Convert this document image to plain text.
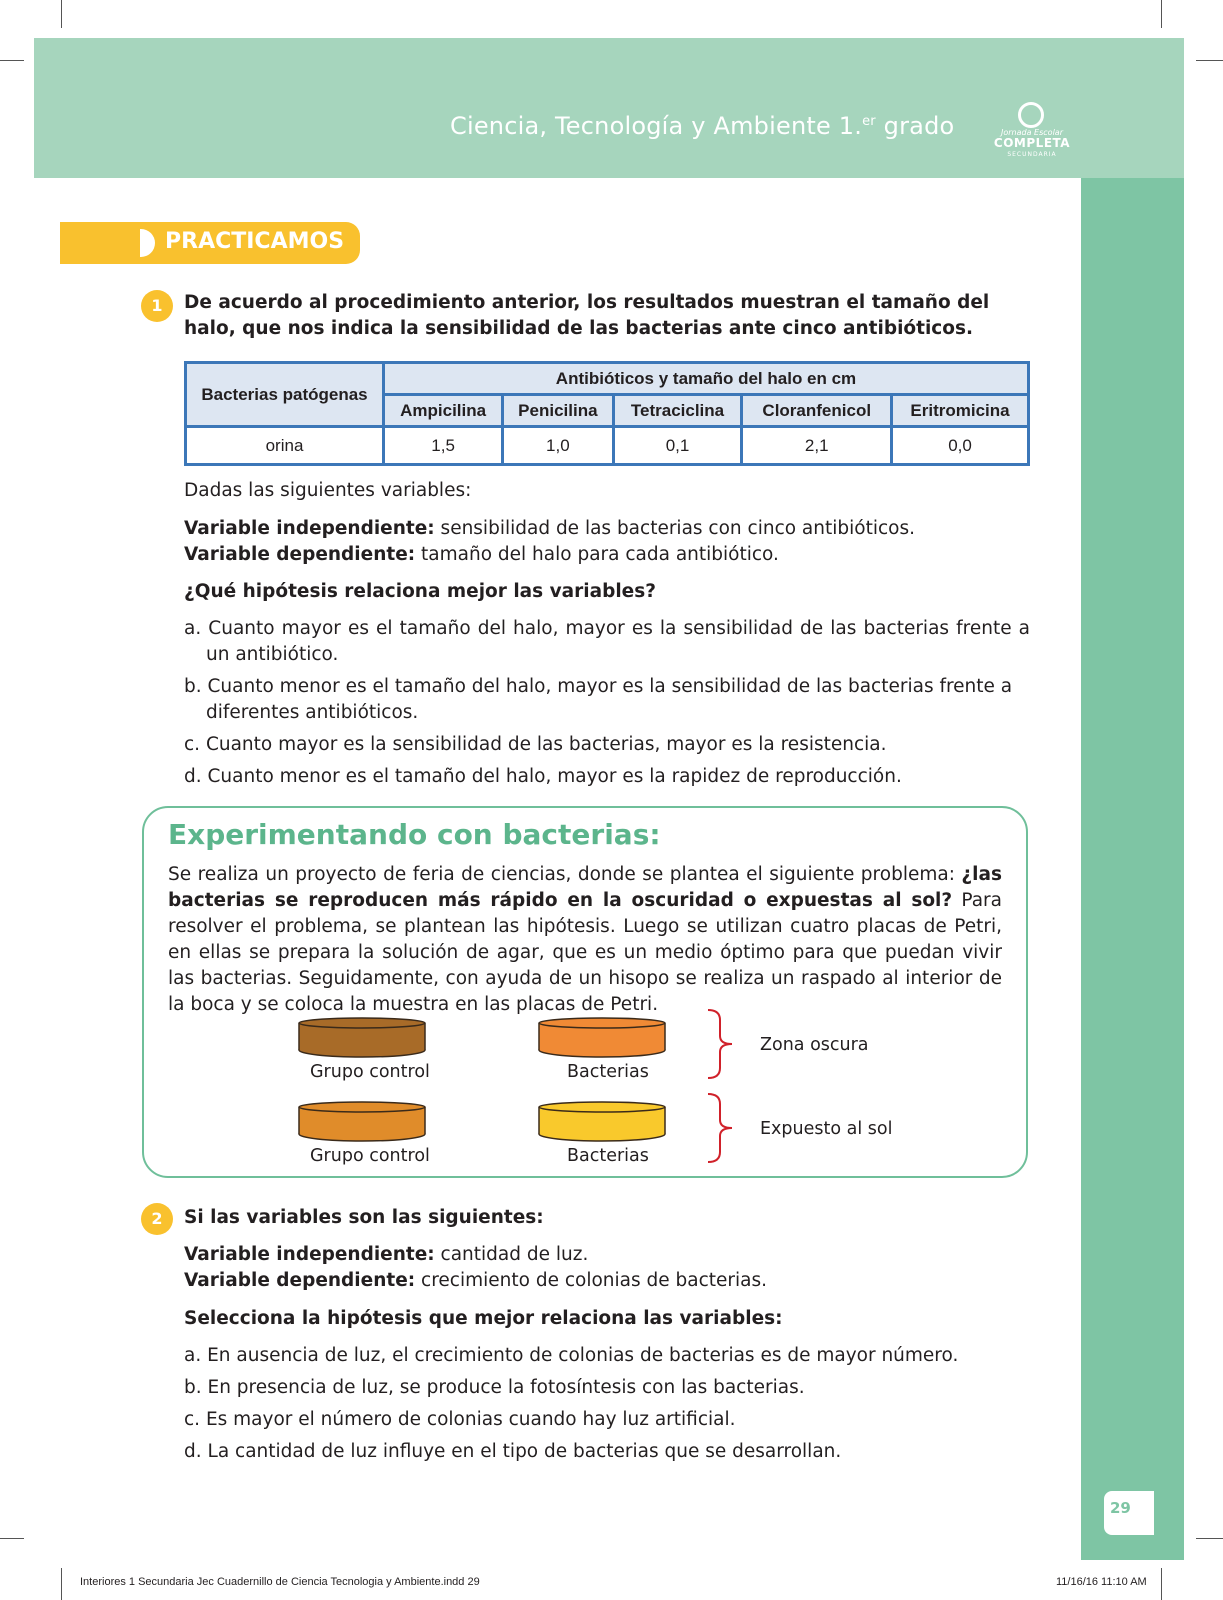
Ciencia, Tecnología y Ambiente 1.$^{er}$ grado	Jornada Escolar
COMPLETA
SECUNDARIA
29
PRACTICAMOS
1	De acuerdo al procedimiento anterior, los resultados muestran el tamaño del halo, que nos indica la sensibilidad de las bacterias ante cinco antibióticos.
Bacterias patógenas	Antibióticos y tamaño del halo en cm				
	Ampicilina	Penicilina	Tetraciclina	Cloranfenicol	Eritromicina
orina	1,5	1,0	0,1	2,1	0,0
Dadas las siguientes variables:
Variable independiente: sensibilidad de las bacterias con cinco antibióticos.
Variable dependiente: tamaño del halo para cada antibiótico.
¿Qué hipótesis relaciona mejor las variables?
a. Cuanto mayor es el tamaño del halo, mayor es la sensibilidad de las bacterias frente a un antibiótico.
b. Cuanto menor es el tamaño del halo, mayor es la sensibilidad de las bacterias frente a diferentes antibióticos.
c. Cuanto mayor es la sensibilidad de las bacterias, mayor es la resistencia.
d. Cuanto menor es el tamaño del halo, mayor es la rapidez de reproducción.
Experimentando con bacterias:
Se realiza un proyecto de feria de ciencias, donde se plantea el siguiente problema: ¿las bacterias se reproducen más rápido en la oscuridad o expuestas al sol? Para resolver el problema, se plantean las hipótesis. Luego se utilizan cuatro placas de Petri, en ellas se prepara la solución de agar, que es un medio óptimo para que puedan vivir las bacterias. Seguidamente, con ayuda de un hisopo se realiza un raspado al interior de la boca y se coloca la muestra en las placas de Petri.
Grupo control	Bacterias
Grupo control	Bacterias
Zona oscura
Expuesto al sol
2	Si las variables son las siguientes:
Variable independiente: cantidad de luz.
Variable dependiente: crecimiento de colonias de bacterias.
Selecciona la hipótesis que mejor relaciona las variables:
a. En ausencia de luz, el crecimiento de colonias de bacterias es de mayor número.
b. En presencia de luz, se produce la fotosíntesis con las bacterias.
c. Es mayor el número de colonias cuando hay luz artificial.
d. La cantidad de luz influye en el tipo de bacterias que se desarrollan.
Interiores 1 Secundaria Jec Cuadernillo de Ciencia Tecnologia y Ambiente.indd 29	11/16/16 11:10 AM
